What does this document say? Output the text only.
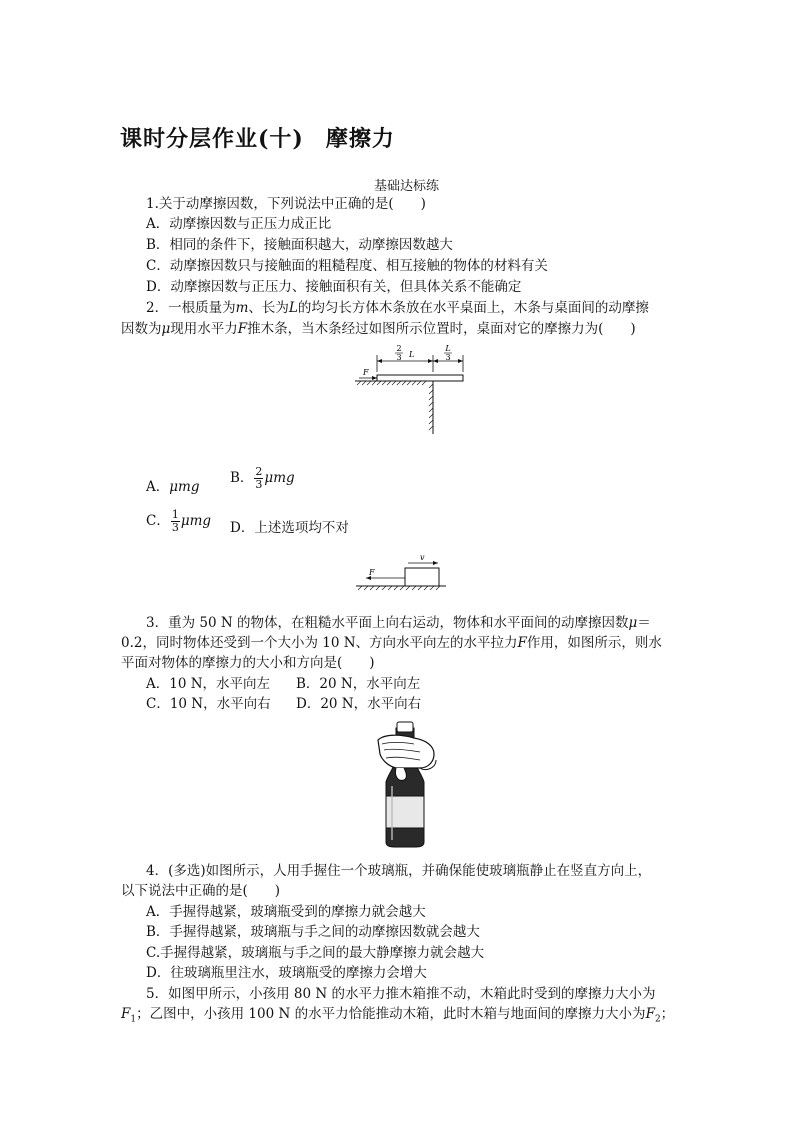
课时分层作业(十) 摩擦力
基础达标练
1.关于动摩擦因数，下列说法中正确的是(　　)
A．动摩擦因数与正压力成正比
B．相同的条件下，接触面积越大，动摩擦因数越大
C．动摩擦因数只与接触面的粗糙程度、相互接触的物体的材料有关
D．动摩擦因数与正压力、接触面积有关，但具体关系不能确定
2．一根质量为m、长为L的均匀长方体木条放在水平桌面上，木条与桌面间的动摩擦
因数为μ现用水平力F推木条，当木条经过如图所示位置时，桌面对它的摩擦力为(　　)
2
3 L
L
3
F
A．μmg
B． $\frac{2}{3}$ μmg
C． $\frac{1}{3}$ μmg D．上述选项均不对
v
F
3．重为 50 N 的物体，在粗糙水平面上向右运动，物体和水平面间的动摩擦因数μ＝
0.2，同时物体还受到一个大小为 10 N、方向水平向左的水平拉力F作用，如图所示，则水
平面对物体的摩擦力的大小和方向是(　　)
A．10 N，水平向左 B．20 N，水平向左
C．10 N，水平向右 D．20 N，水平向右
4．(多选)如图所示，人用手握住一个玻璃瓶，并确保能使玻璃瓶静止在竖直方向上，
以下说法中正确的是(　　)
A．手握得越紧，玻璃瓶受到的摩擦力就会越大
B．手握得越紧，玻璃瓶与手之间的动摩擦因数就会越大
C.手握得越紧，玻璃瓶与手之间的最大静摩擦力就会越大
D．往玻璃瓶里注水，玻璃瓶受的摩擦力会增大
5．如图甲所示，小孩用 80 N 的水平力推木箱推不动，木箱此时受到的摩擦力大小为
$F_1$；乙图中，小孩用 100 N 的水平力恰能推动木箱，此时木箱与地面间的摩擦力大小为$F_2$；
